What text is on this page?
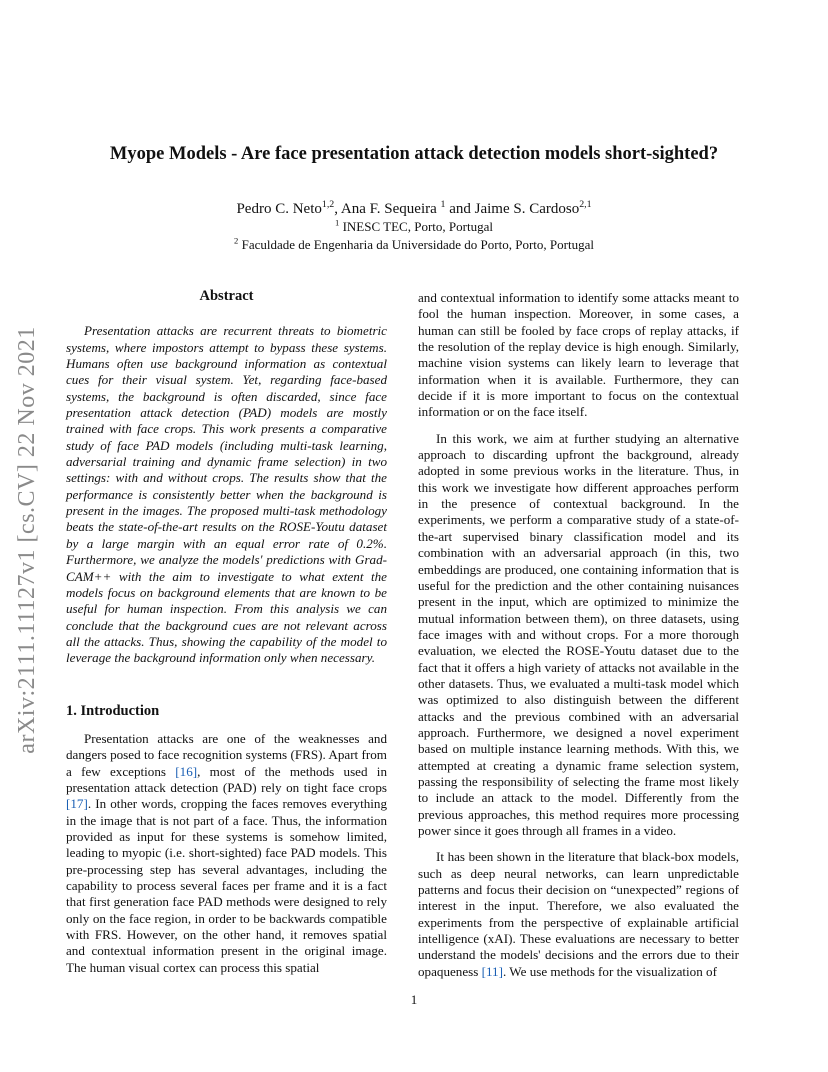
arXiv:2111.11127v1 [cs.CV] 22 Nov 2021
Myope Models - Are face presentation attack detection models short-sighted?
Pedro C. Neto$^{1,2}$, Ana F. Sequeira $^1$ and Jaime S. Cardoso$^{2,1}$
$^1$ INESC TEC, Porto, Portugal
$^2$ Faculdade de Engenharia da Universidade do Porto, Porto, Portugal
Abstract

Presentation attacks are recurrent threats to biometric systems, where impostors attempt to bypass these systems. Humans often use background information as contextual cues for their visual system. Yet, regarding face-based systems, the background is often discarded, since face presentation attack detection (PAD) models are mostly trained with face crops. This work presents a comparative study of face PAD models (including multi-task learning, adversarial training and dynamic frame selection) in two settings: with and without crops. The results show that the performance is consistently better when the background is present in the images. The proposed multi-task methodology beats the state-of-the-art results on the ROSE-Youtu dataset by a large margin with an equal error rate of 0.2%. Furthermore, we analyze the models' predictions with Grad-CAM++ with the aim to investigate to what extent the models focus on background elements that are known to be useful for human inspection. From this analysis we can conclude that the background cues are not relevant across all the attacks. Thus, showing the capability of the model to leverage the background information only when necessary.

1. Introduction

Presentation attacks are one of the weaknesses and dangers posed to face recognition systems (FRS). Apart from a few exceptions [16], most of the methods used in presentation attack detection (PAD) rely on tight face crops [17]. In other words, cropping the faces removes everything in the image that is not part of a face. Thus, the information provided as input for these systems is somehow limited, leading to myopic (i.e. short-sighted) face PAD models. This pre-processing step has several advantages, including the capability to process several faces per frame and it is a fact that first generation face PAD methods were designed to rely only on the face region, in order to be backwards compatible with FRS. However, on the other hand, it removes spatial and contextual information present in the original image. The human visual cortex can process this spatial

and contextual information to identify some attacks meant to fool the human inspection. Moreover, in some cases, a human can still be fooled by face crops of replay attacks, if the resolution of the replay device is high enough. Similarly, machine vision systems can likely learn to leverage that information when it is available. Furthermore, they can decide if it is more important to focus on the contextual information or on the face itself.

In this work, we aim at further studying an alternative approach to discarding upfront the background, already adopted in some previous works in the literature. Thus, in this work we investigate how different approaches perform in the presence of contextual background. In the experiments, we perform a comparative study of a state-of-the-art supervised binary classification model and its combination with an adversarial approach (in this, two embeddings are produced, one containing information that is useful for the prediction and the other containing nuisances present in the input, which are optimized to minimize the mutual information between them), on three datasets, using face images with and without crops. For a more thorough evaluation, we elected the ROSE-Youtu dataset due to the fact that it offers a high variety of attacks not available in the other datasets. Thus, we evaluated a multi-task model which was optimized to also distinguish between the different attacks and the previous combined with an adversarial approach. Furthermore, we designed a novel experiment based on multiple instance learning methods. With this, we attempted at creating a dynamic frame selection system, passing the responsibility of selecting the frame most likely to include an attack to the model. Differently from the previous approaches, this method requires more processing power since it goes through all frames in a video.

It has been shown in the literature that black-box models, such as deep neural networks, can learn unpredictable patterns and focus their decision on “unexpected” regions of interest in the input. Therefore, we also evaluated the experiments from the perspective of explainable artificial intelligence (xAI). These evaluations are necessary to better understand the models' decisions and the errors due to their opaqueness [11]. We use methods for the visualization of

1
